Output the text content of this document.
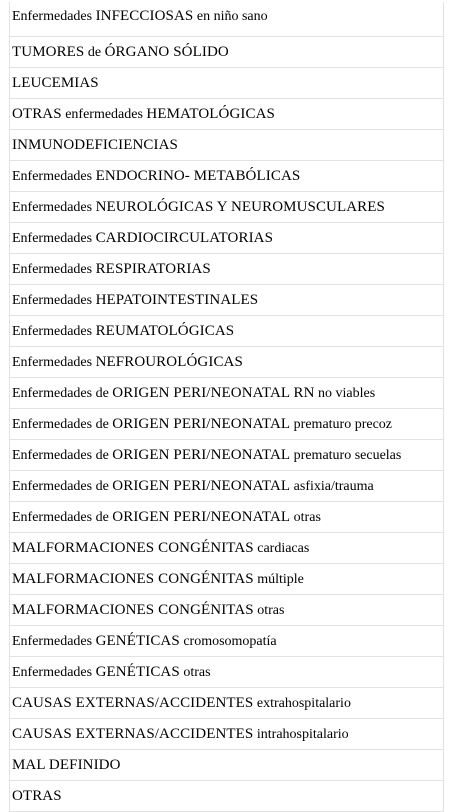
Enfermedades INFECCIOSAS en niño sano
TUMORES de ÓRGANO SÓLIDO
LEUCEMIAS
OTRAS enfermedades HEMATOLÓGICAS
INMUNODEFICIENCIAS
Enfermedades ENDOCRINO- METABÓLICAS
Enfermedades NEUROLÓGICAS Y NEUROMUSCULARES
Enfermedades CARDIOCIRCULATORIAS
Enfermedades RESPIRATORIAS
Enfermedades HEPATOINTESTINALES
Enfermedades REUMATOLÓGICAS
Enfermedades NEFROUROLÓGICAS
Enfermedades de ORIGEN PERI/NEONATAL RN no viables
Enfermedades de ORIGEN PERI/NEONATAL prematuro precoz
Enfermedades de ORIGEN PERI/NEONATAL prematuro secuelas
Enfermedades de ORIGEN PERI/NEONATAL asfixia/trauma
Enfermedades de ORIGEN PERI/NEONATAL otras
MALFORMACIONES CONGÉNITAS cardiacas
MALFORMACIONES CONGÉNITAS múltiple
MALFORMACIONES CONGÉNITAS otras
Enfermedades GENÉTICAS cromosomopatía
Enfermedades GENÉTICAS otras
CAUSAS EXTERNAS/ACCIDENTES extrahospitalario
CAUSAS EXTERNAS/ACCIDENTES intrahospitalario
MAL DEFINIDO
OTRAS
